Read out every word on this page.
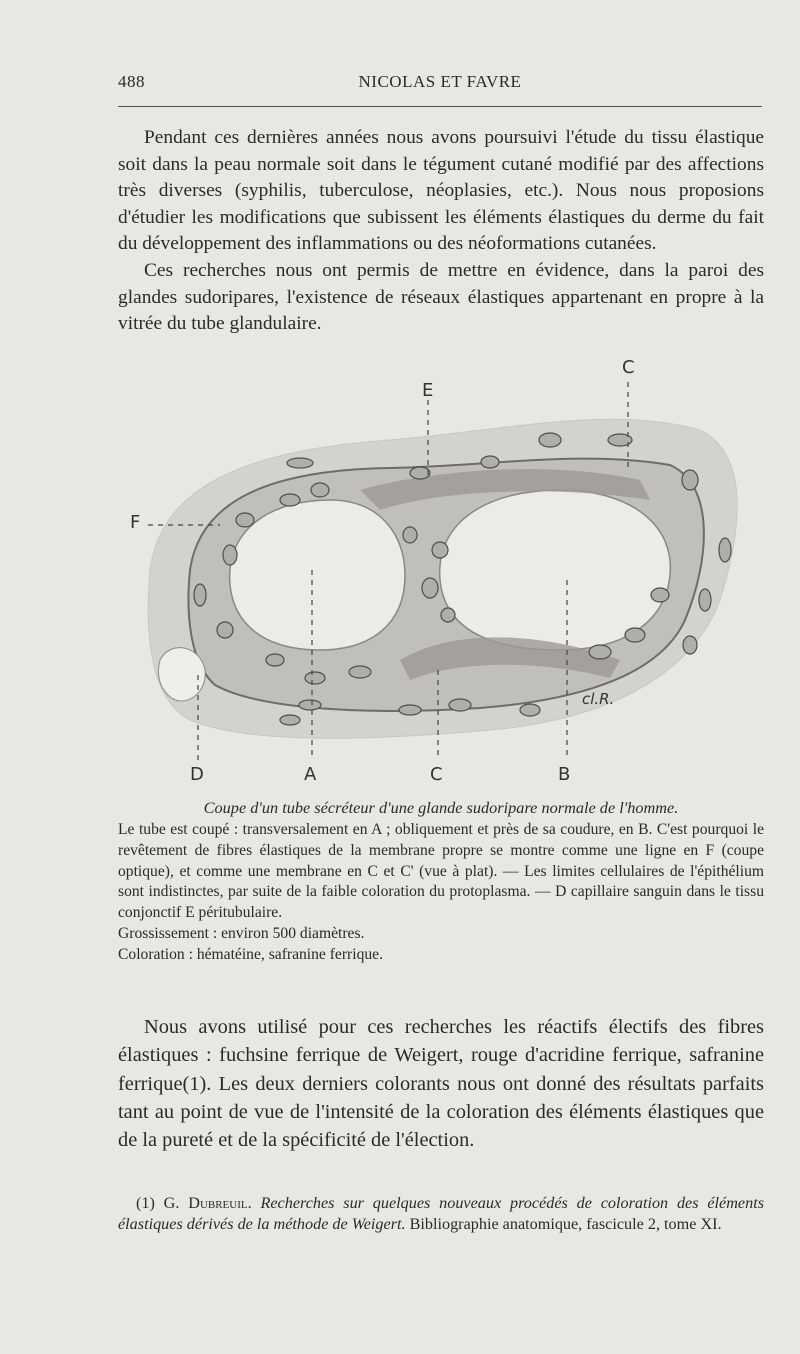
488	NICOLAS ET FAVRE

Pendant ces dernières années nous avons poursuivi l'étude du tissu élastique soit dans la peau normale soit dans le tégument cutané modifié par des affections très diverses (syphilis, tuberculose, néoplasies, etc.). Nous nous proposions d'étudier les modifications que subissent les éléments élastiques du derme du fait du développement des inflammations ou des néoformations cutanées.

Ces recherches nous ont permis de mettre en évidence, dans la paroi des glandes sudoripares, l'existence de réseaux élastiques appartenant en propre à la vitrée du tube glandulaire.

C
E
F
D	A	C	B
cl.R.
Coupe d'un tube sécréteur d'une glande sudoripare normale de l'homme.

Le tube est coupé : transversalement en A ; obliquement et près de sa coudure, en B. C'est pourquoi le revêtement de fibres élastiques de la membrane propre se montre comme une ligne en F (coupe optique), et comme une membrane en C et C' (vue à plat). — Les limites cellulaires de l'épithélium sont indistinctes, par suite de la faible coloration du protoplasma. — D capillaire sanguin dans le tissu conjonctif E péritubulaire.

Grossissement : environ 500 diamètres.

Coloration : hématéine, safranine ferrique.

Nous avons utilisé pour ces recherches les réactifs électifs des fibres élastiques : fuchsine ferrique de Weigert, rouge d'acridine ferrique, safranine ferrique(1). Les deux derniers colorants nous ont donné des résultats parfaits tant au point de vue de l'intensité de la coloration des éléments élastiques que de la pureté et de la spécificité de l'élection.

(1) G. Dubreuil. Recherches sur quelques nouveaux procédés de coloration des éléments élastiques dérivés de la méthode de Weigert. Bibliographie anatomique, fascicule 2, tome XI.
